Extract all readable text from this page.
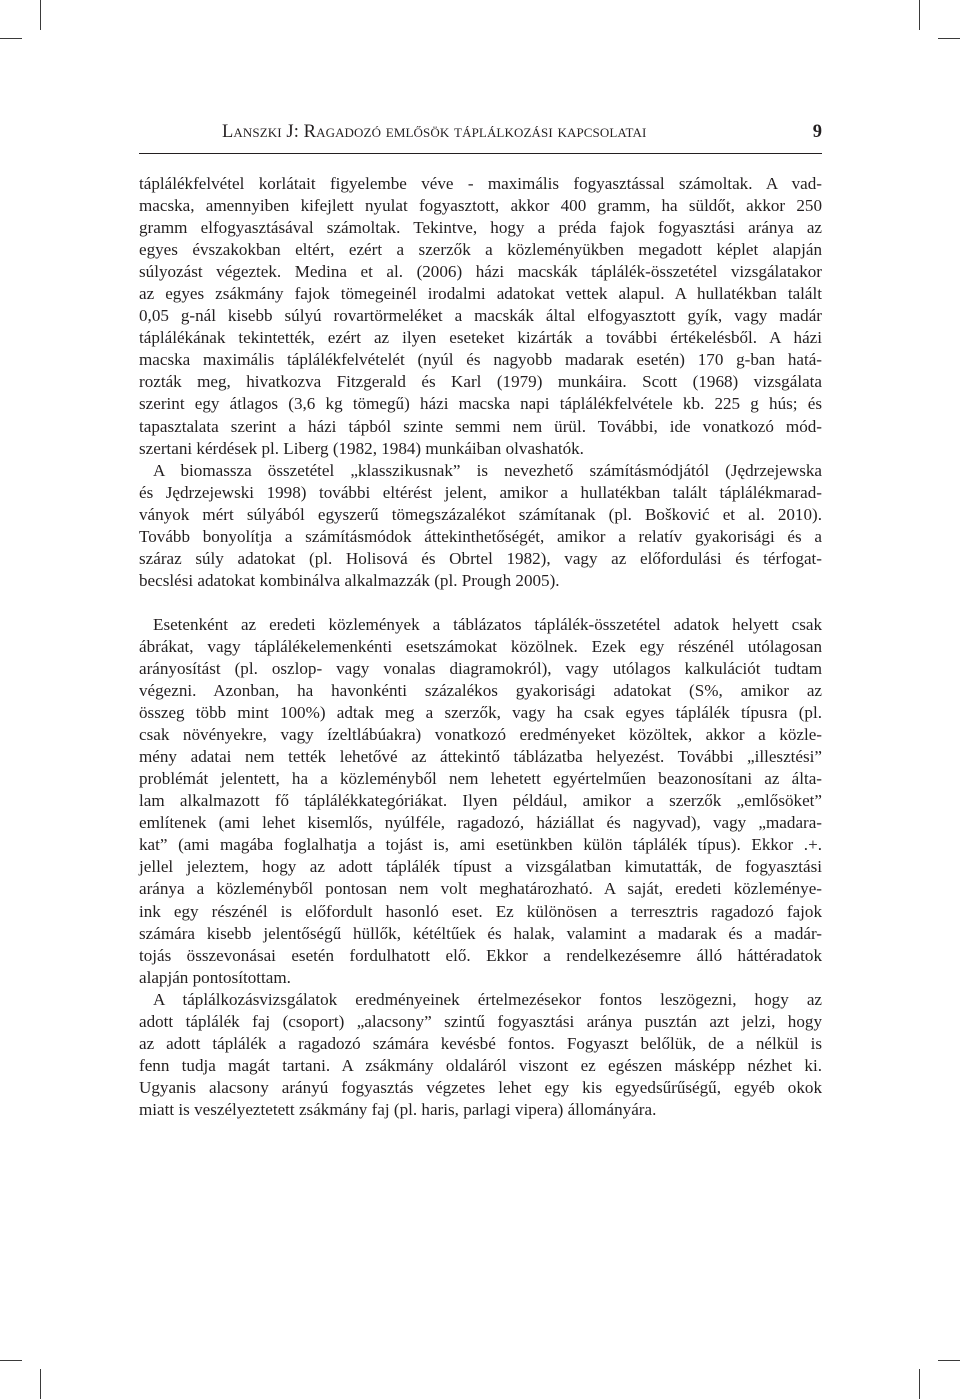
Lanszki J: Ragadozó emlősök táplálkozási kapcsolatai	9
táplálékfelvétel korlátait figyelembe véve - maximális fogyasztással számoltak. A vad-
macska, amennyiben kifejlett nyulat fogyasztott, akkor 400 gramm, ha süldőt, akkor 250
gramm elfogyasztásával számoltak. Tekintve, hogy a préda fajok fogyasztási aránya az
egyes évszakokban eltért, ezért a szerzők a közleményükben megadott képlet alapján
súlyozást végeztek. Medina et al. (2006) házi macskák táplálék-összetétel vizsgálatakor
az egyes zsákmány fajok tömegeinél irodalmi adatokat vettek alapul. A hullatékban talált
0,05 g-nál kisebb súlyú rovartörmeléket a macskák által elfogyasztott gyík, vagy madár
táplálékának tekintették, ezért az ilyen eseteket kizárták a további értékelésből. A házi
macska maximális táplálékfelvételét (nyúl és nagyobb madarak esetén) 170 g-ban hatá-
rozták meg, hivatkozva Fitzgerald és Karl (1979) munkáira. Scott (1968) vizsgálata
szerint egy átlagos (3,6 kg tömegű) házi macska napi táplálékfelvétele kb. 225 g hús; és
tapasztalata szerint a házi tápból szinte semmi nem ürül. További, ide vonatkozó mód-
szertani kérdések pl. Liberg (1982, 1984) munkáiban olvashatók.
A biomassza összetétel „klasszikusnak” is nevezhető számításmódjától (Jędrzejewska
és Jędrzejewski 1998) további eltérést jelent, amikor a hullatékban talált táplálékmarad-
ványok mért súlyából egyszerű tömegszázalékot számítanak (pl. Bošković et al. 2010).
Tovább bonyolítja a számításmódok áttekinthetőségét, amikor a relatív gyakorisági és a
száraz súly adatokat (pl. Holisová és Obrtel 1982), vagy az előfordulási és térfogat-
becslési adatokat kombinálva alkalmazzák (pl. Prough 2005).
Esetenként az eredeti közlemények a táblázatos táplálék-összetétel adatok helyett csak
ábrákat, vagy táplálékelemenkénti esetszámokat közölnek. Ezek egy részénél utólagosan
arányosítást (pl. oszlop- vagy vonalas diagramokról), vagy utólagos kalkulációt tudtam
végezni. Azonban, ha havonkénti százalékos gyakorisági adatokat (S%, amikor az
összeg több mint 100%) adtak meg a szerzők, vagy ha csak egyes táplálék típusra (pl.
csak növényekre, vagy ízeltlábúakra) vonatkozó eredményeket közöltek, akkor a közle-
mény adatai nem tették lehetővé az áttekintő táblázatba helyezést. További „illesztési”
problémát jelentett, ha a közleményből nem lehetett egyértelműen beazonosítani az álta-
lam alkalmazott fő táplálékkategóriákat. Ilyen például, amikor a szerzők „emlősöket”
említenek (ami lehet kisemlős, nyúlféle, ragadozó, háziállat és nagyvad), vagy „madara-
kat” (ami magába foglalhatja a tojást is, ami esetünkben külön táplálék típus). Ekkor .+.
jellel jeleztem, hogy az adott táplálék típust a vizsgálatban kimutatták, de fogyasztási
aránya a közleményből pontosan nem volt meghatározható. A saját, eredeti közleménye-
ink egy részénél is előfordult hasonló eset. Ez különösen a terresztris ragadozó fajok
számára kisebb jelentőségű hüllők, kétéltűek és halak, valamint a madarak és a madár-
tojás összevonásai esetén fordulhatott elő. Ekkor a rendelkezésemre álló háttéradatok
alapján pontosítottam.
A táplálkozásvizsgálatok eredményeinek értelmezésekor fontos leszögezni, hogy az
adott táplálék faj (csoport) „alacsony” szintű fogyasztási aránya pusztán azt jelzi, hogy
az adott táplálék a ragadozó számára kevésbé fontos. Fogyaszt belőlük, de a nélkül is
fenn tudja magát tartani. A zsákmány oldaláról viszont ez egészen másképp nézhet ki.
Ugyanis alacsony arányú fogyasztás végzetes lehet egy kis egyedsűrűségű, egyéb okok
miatt is veszélyeztetett zsákmány faj (pl. haris, parlagi vipera) állományára.
